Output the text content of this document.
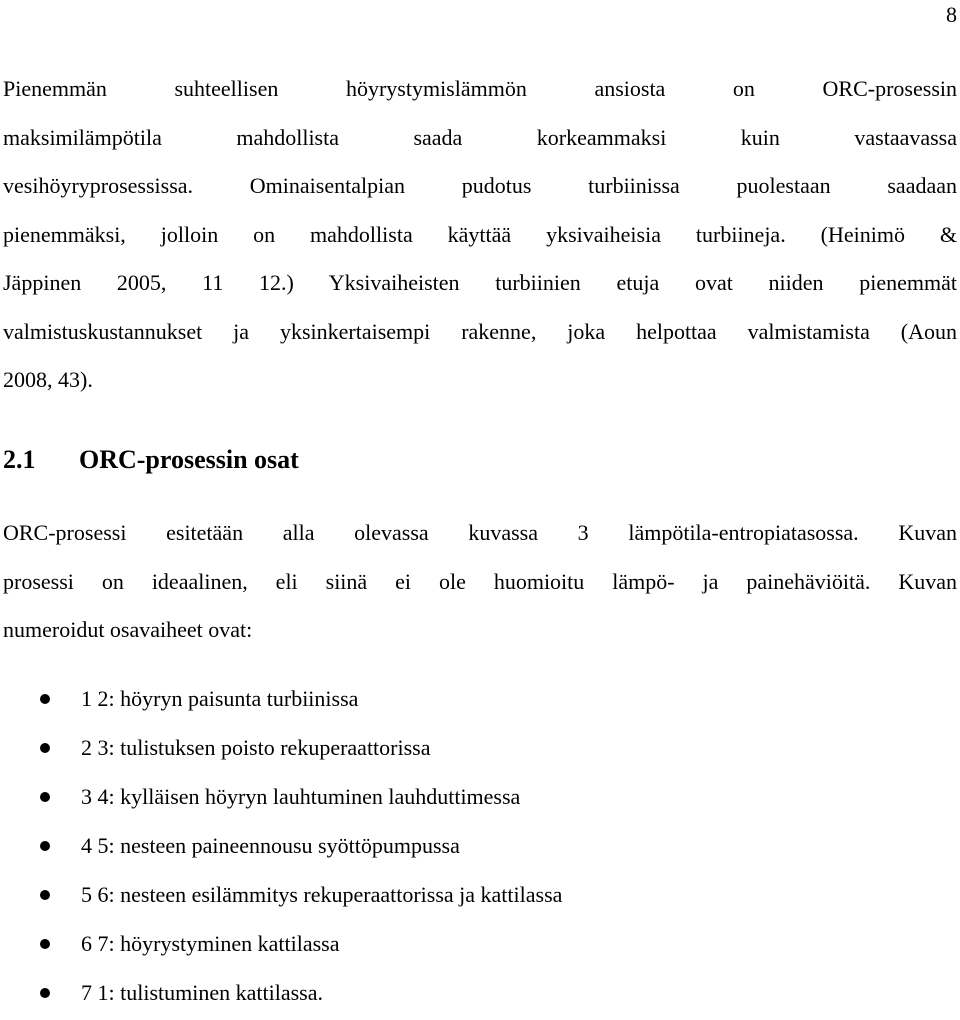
8

Pienemmän suhteellisen höyrystymislämmön ansiosta on ORC-prosessin
maksimilämpötila mahdollista saada korkeammaksi kuin vastaavassa
vesihöyryprosessissa. Ominaisentalpian pudotus turbiinissa puolestaan saadaan
pienemmäksi, jolloin on mahdollista käyttää yksivaiheisia turbiineja. (Heinimö &
Jäppinen 2005, 11 12.) Yksivaiheisten turbiinien etuja ovat niiden pienemmät
valmistuskustannukset ja yksinkertaisempi rakenne, joka helpottaa valmistamista (Aoun
2008, 43).

2.1 ORC-prosessin osat

ORC-prosessi esitetään alla olevassa kuvassa 3 lämpötila-entropiatasossa. Kuvan
prosessi on ideaalinen, eli siinä ei ole huomioitu lämpö- ja painehäviöitä. Kuvan
numeroidut osavaiheet ovat:

1 2: höyryn paisunta turbiinissa
2 3: tulistuksen poisto rekuperaattorissa
3 4: kylläisen höyryn lauhtuminen lauhduttimessa
4 5: nesteen paineennousu syöttöpumpussa
5 6: nesteen esilämmitys rekuperaattorissa ja kattilassa
6 7: höyrystyminen kattilassa
7 1: tulistuminen kattilassa.
